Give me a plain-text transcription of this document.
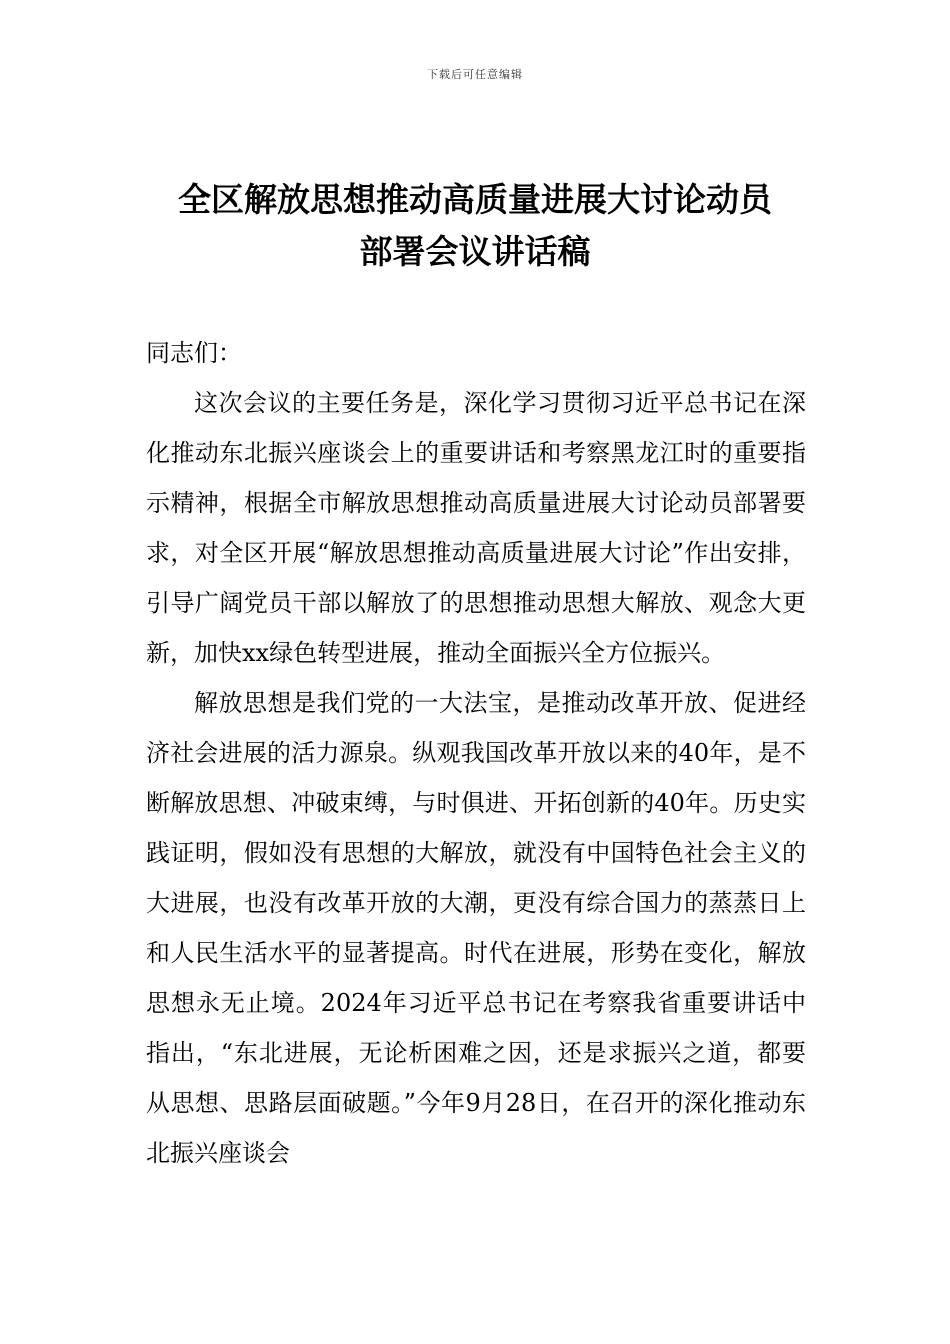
下载后可任意编辑
全区解放思想推动高质量进展大讨论动员
部署会议讲话稿

同志们：

这次会议的主要任务是，深化学习贯彻习近平总书记在深化推动东北振兴座谈会上的重要讲话和考察黑龙江时的重要指示精神，根据全市解放思想推动高质量进展大讨论动员部署要求，对全区开展“解放思想推动高质量进展大讨论”作出安排，引导广阔党员干部以解放了的思想推动思想大解放、观念大更新，加快xx绿色转型进展，推动全面振兴全方位振兴。

解放思想是我们党的一大法宝，是推动改革开放、促进经济社会进展的活力源泉。纵观我国改革开放以来的40年，是不断解放思想、冲破束缚，与时俱进、开拓创新的40年。历史实践证明，假如没有思想的大解放，就没有中国特色社会主义的大进展，也没有改革开放的大潮，更没有综合国力的蒸蒸日上和人民生活水平的显著提高。时代在进展，形势在变化，解放思想永无止境。2024年习近平总书记在考察我省重要讲话中指出，“东北进展，无论析困难之因，还是求振兴之道，都要从思想、思路层面破题。”今年9月28日，在召开的深化推动东北振兴座谈会
